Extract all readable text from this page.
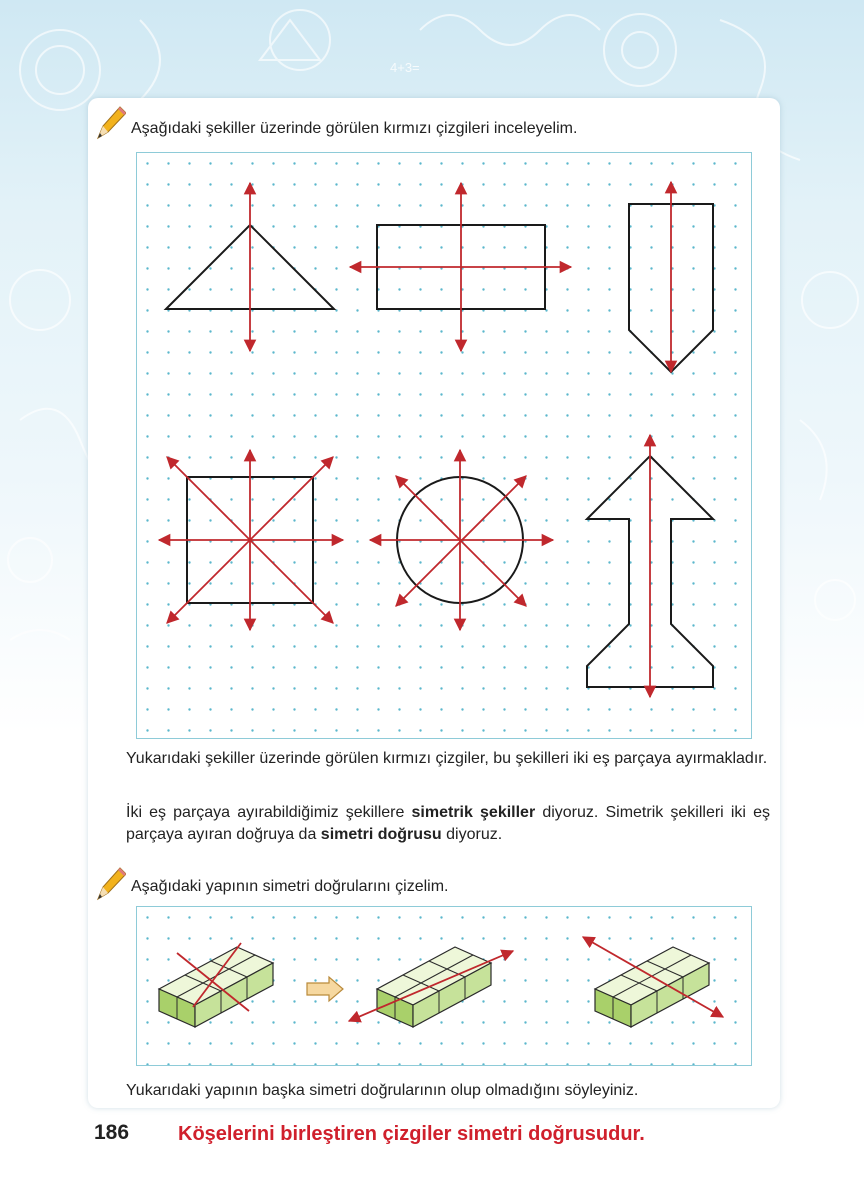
4+3=
Aşağıdaki şekiller üzerinde görülen kırmızı çizgileri inceleyelim.
Yukarıdaki şekiller üzerinde görülen kırmızı çizgiler, bu şekilleri iki eş parçaya ayırmakladır.
İki eş parçaya ayırabildiğimiz şekillere simetrik şekiller diyoruz. Simetrik şekilleri iki eş parçaya ayıran doğruya da simetri doğrusu diyoruz.
Aşağıdaki yapının simetri doğrularını çizelim.
Yukarıdaki yapının başka simetri doğrularının olup olmadığını söyleyiniz.
186 Köşelerini birleştiren çizgiler simetri doğrusudur.
